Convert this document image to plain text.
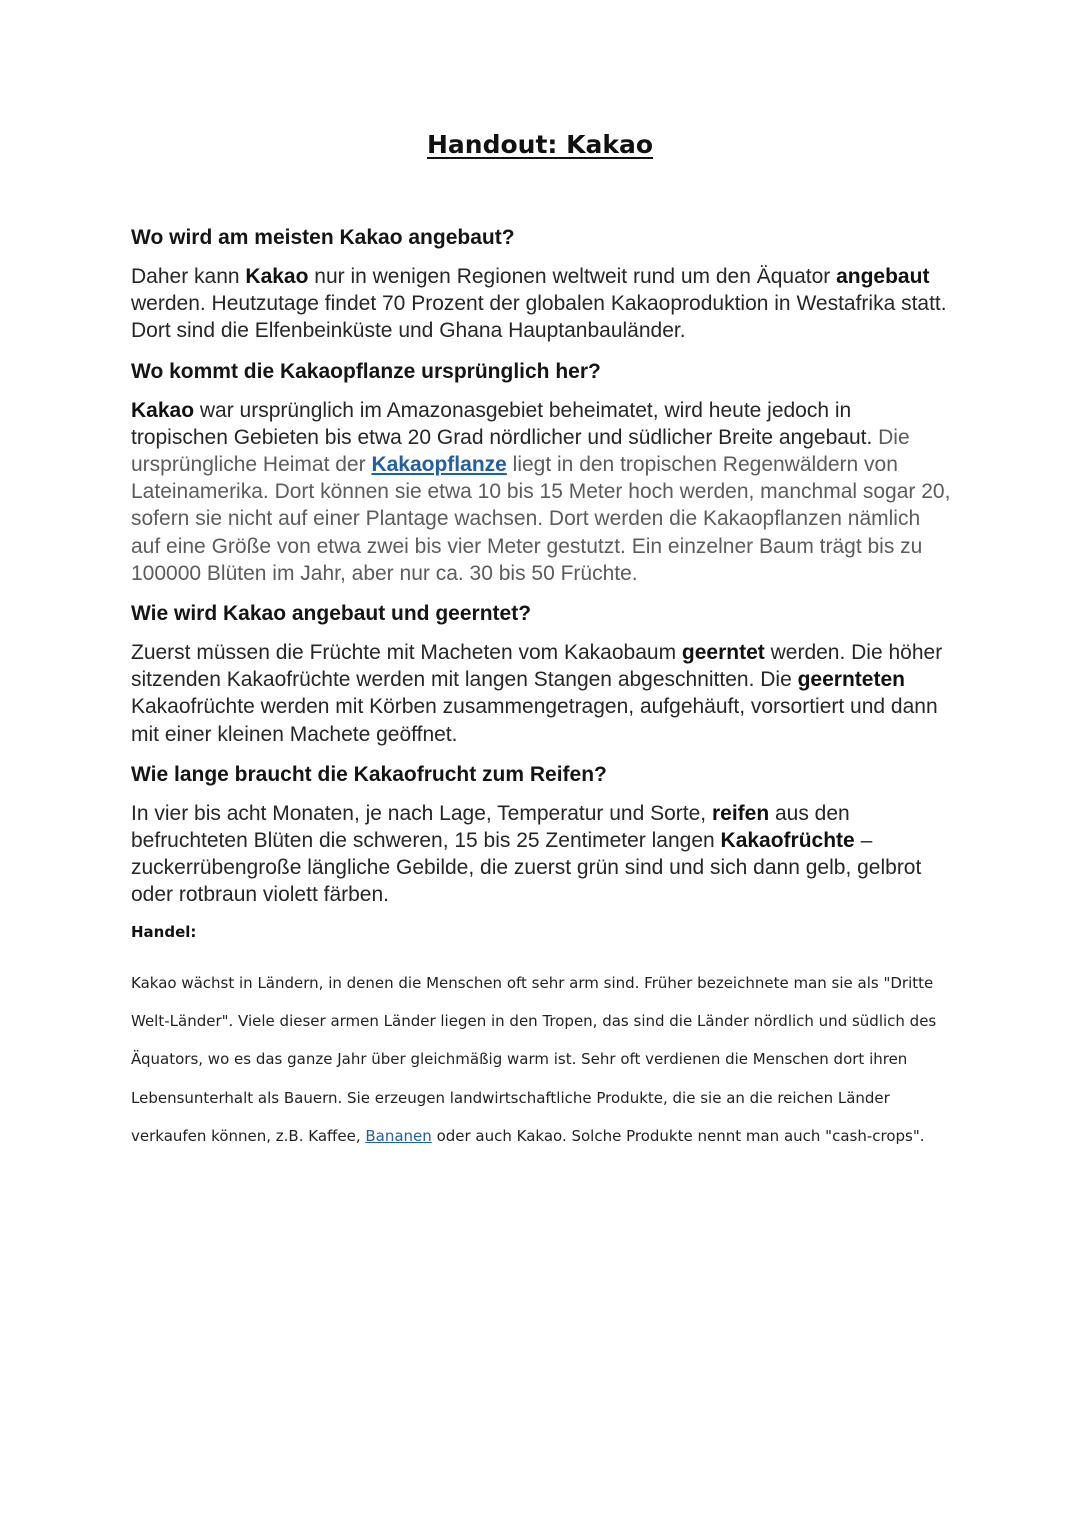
Handout: Kakao

Wo wird am meisten Kakao angebaut?

Daher kann Kakao nur in wenigen Regionen weltweit rund um den Äquator angebaut werden. Heutzutage findet 70 Prozent der globalen Kakaoproduktion in Westafrika statt. Dort sind die Elfenbeinküste und Ghana Hauptanbauländer.

Wo kommt die Kakaopflanze ursprünglich her?

Kakao war ursprünglich im Amazonasgebiet beheimatet, wird heute jedoch in tropischen Gebieten bis etwa 20 Grad nördlicher und südlicher Breite angebaut. Die ursprüngliche Heimat der Kakaopflanze liegt in den tropischen Regenwäldern von Lateinamerika. Dort können sie etwa 10 bis 15 Meter hoch werden, manchmal sogar 20, sofern sie nicht auf einer Plantage wachsen. Dort werden die Kakaopflanzen nämlich auf eine Größe von etwa zwei bis vier Meter gestutzt. Ein einzelner Baum trägt bis zu 100000 Blüten im Jahr, aber nur ca. 30 bis 50 Früchte.

Wie wird Kakao angebaut und geerntet?

Zuerst müssen die Früchte mit Macheten vom Kakaobaum geerntet werden. Die höher sitzenden Kakaofrüchte werden mit langen Stangen abgeschnitten. Die geernteten Kakaofrüchte werden mit Körben zusammengetragen, aufgehäuft, vorsortiert und dann mit einer kleinen Machete geöffnet.

Wie lange braucht die Kakaofrucht zum Reifen?

In vier bis acht Monaten, je nach Lage, Temperatur und Sorte, reifen aus den befruchteten Blüten die schweren, 15 bis 25 Zentimeter langen Kakaofrüchte – zuckerrübengroße längliche Gebilde, die zuerst grün sind und sich dann gelb, gelbrot oder rotbraun violett färben.

Handel:

Kakao wächst in Ländern, in denen die Menschen oft sehr arm sind. Früher bezeichnete man sie als "Dritte Welt-Länder". Viele dieser armen Länder liegen in den Tropen, das sind die Länder nördlich und südlich des Äquators, wo es das ganze Jahr über gleichmäßig warm ist. Sehr oft verdienen die Menschen dort ihren Lebensunterhalt als Bauern. Sie erzeugen landwirtschaftliche Produkte, die sie an die reichen Länder verkaufen können, z.B. Kaffee, Bananen oder auch Kakao. Solche Produkte nennt man auch "cash-crops".
